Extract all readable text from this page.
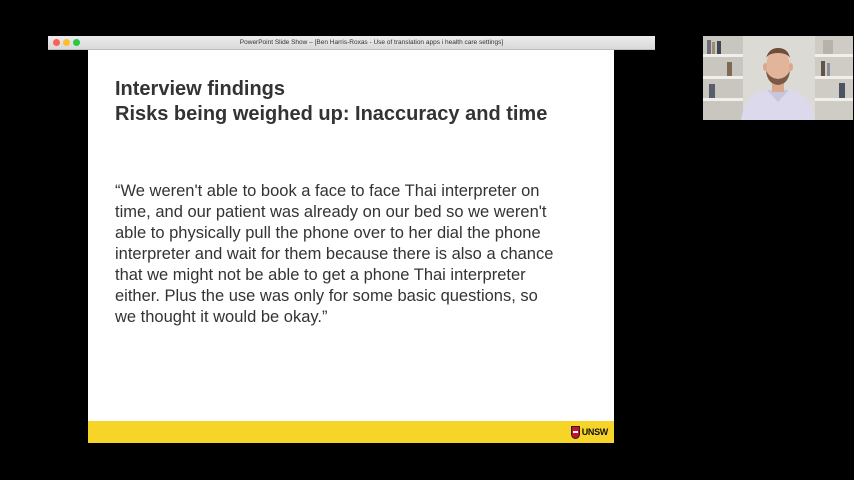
PowerPoint Slide Show – [Ben Harris-Roxas - Use of translation apps i health care settings]
Interview findings
Risks being weighed up: Inaccuracy and time
“We weren't able to book a face to face Thai interpreter on
time, and our patient was already on our bed so we weren't
able to physically pull the phone over to her dial the phone
interpreter and wait for them because there is also a chance
that we might not be able to get a phone Thai interpreter
either. Plus the use was only for some basic questions, so
we thought it would be okay.”
UNSW
